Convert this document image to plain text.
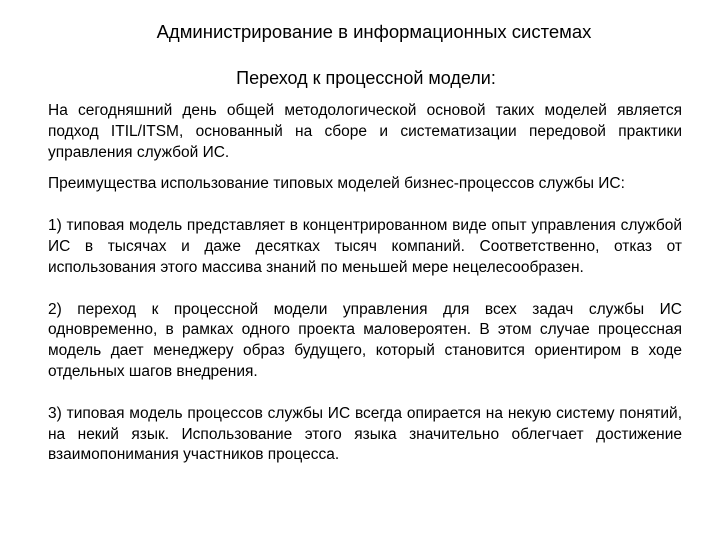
Администрирование в информационных системах
Переход к процессной модели:

На сегодняшний день общей методологической основой таких моделей является подход ITIL/ITSM, основанный на сборе и систематизации передовой практики управления службой ИС.

Преимущества использование типовых моделей бизнес-процессов службы ИС:

1) типовая модель представляет в концентрированном виде опыт управления службой ИС в тысячах и даже десятках тысяч компаний. Соответственно, отказ от использования этого массива знаний по меньшей мере нецелесообразен.

2) переход к процессной модели управления для всех задач службы ИС одновременно, в рамках одного проекта маловероятен. В этом случае процессная модель дает менеджеру образ будущего, который становится ориентиром в ходе отдельных шагов внедрения.

3) типовая модель процессов службы ИС всегда опирается на некую систему понятий, на некий язык. Использование этого языка значительно облегчает достижение взаимопонимания участников процесса.
